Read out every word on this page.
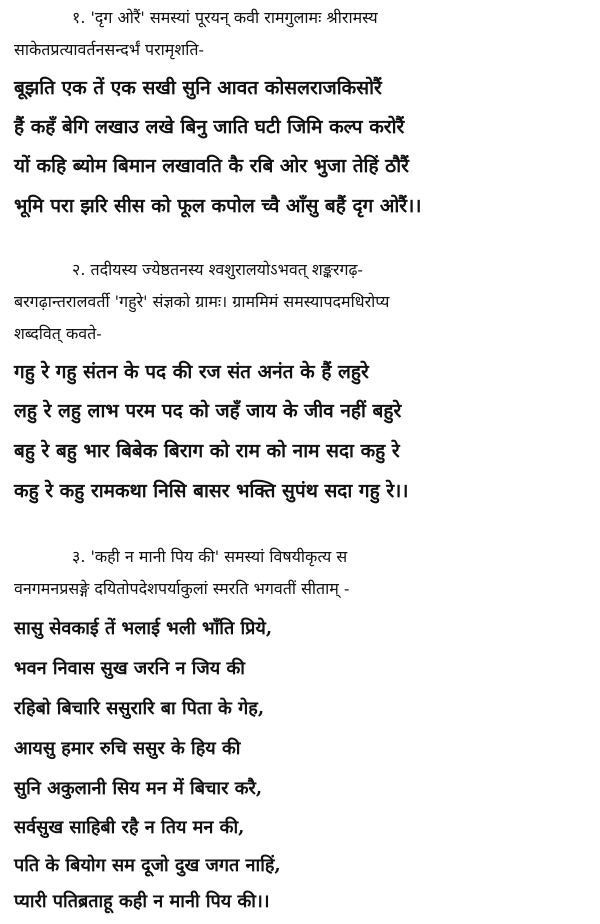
१. 'दृग ओरैं' समस्यां पूरयन् कवी रामगुलामः श्रीरामस्य
साकेतप्रत्यावर्तनसन्दर्भं परामृशति-
बूझति एक तें एक सखी सुनि आवत कोसलराजकिसोरैं
हैं कहँ बेगि लखाउ लखे बिनु जाति घटी जिमि कल्प करोरैं
यों कहि ब्योम बिमान लखावति कै रबि ओर भुजा तेहिं ठौरैं
भूमि परा झरि सीस को फूल कपोल च्वै आँसु बहैं दृग ओरैं।।
२. तदीयस्य ज्येष्ठतनस्य श्वशुरालयोऽभवत् शङ्करगढ़-
बरगढ़ान्तरालवर्ती 'गहुरे' संज्ञको ग्रामः। ग्राममिमं समस्यापदमधिरोप्य
शब्दवित् कवते-
गहु रे गहु संतन के पद की रज संत अनंत के हैं लहुरे
लहु रे लहु लाभ परम पद को जहँ जाय के जीव नहीं बहुरे
बहु रे बहु भार बिबेक बिराग को राम को नाम सदा कहु रे
कहु रे कहु रामकथा निसि बासर भक्ति सुपंथ सदा गहु रे।।
३. 'कही न मानी पिय की' समस्यां विषयीकृत्य स
वनगमनप्रसङ्गे दयितोपदेशपर्याकुलां स्मरति भगवतीं सीताम् -
सासु सेवकाई तें भलाई भली भाँति प्रिये,
भवन निवास सुख जरनि न जिय की
रहिबो बिचारि ससुरारि बा पिता के गेह,
आयसु हमार रुचि ससुर के हिय की
सुनि अकुलानी सिय मन में बिचार करै,
सर्वसुख साहिबी रहै न तिय मन की,
पति के बियोग सम दूजो दुख जगत नाहिं,
प्यारी पतिब्रताहू कही न मानी पिय की।।
